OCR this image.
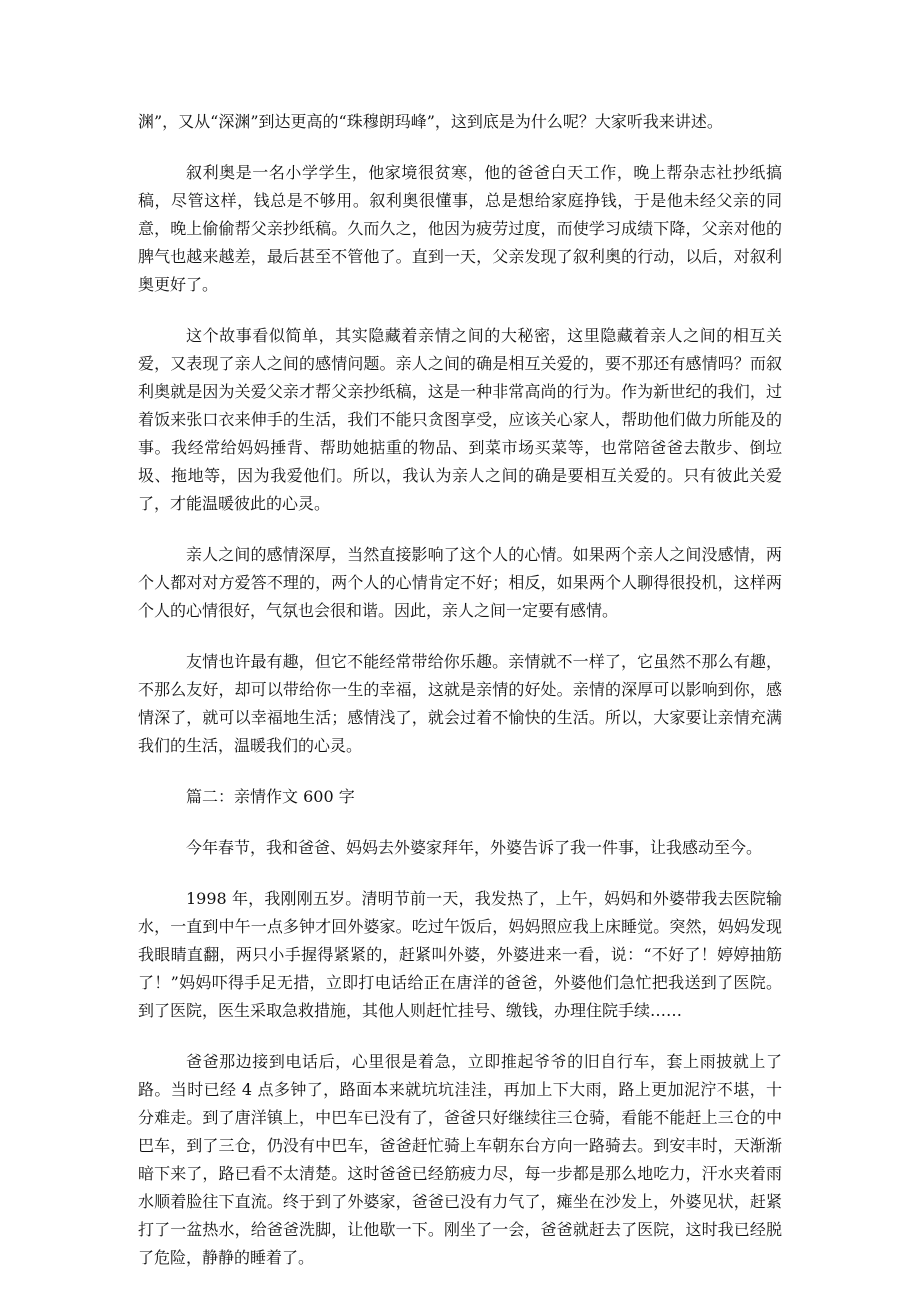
渊”，又从“深渊”到达更高的“珠穆朗玛峰”，这到底是为什么呢？大家听我来讲述。

叙利奥是一名小学学生，他家境很贫寒，他的爸爸白天工作，晚上帮杂志社抄纸搞稿，尽管这样，钱总是不够用。叙利奥很懂事，总是想给家庭挣钱，于是他未经父亲的同意，晚上偷偷帮父亲抄纸稿。久而久之，他因为疲劳过度，而使学习成绩下降，父亲对他的脾气也越来越差，最后甚至不管他了。直到一天，父亲发现了叙利奥的行动，以后，对叙利奥更好了。

这个故事看似简单，其实隐藏着亲情之间的大秘密，这里隐藏着亲人之间的相互关爱，又表现了亲人之间的感情问题。亲人之间的确是相互关爱的，要不那还有感情吗？而叙利奥就是因为关爱父亲才帮父亲抄纸稿，这是一种非常高尚的行为。作为新世纪的我们，过着饭来张口衣来伸手的生活，我们不能只贪图享受，应该关心家人，帮助他们做力所能及的事。我经常给妈妈捶背、帮助她掂重的物品、到菜市场买菜等，也常陪爸爸去散步、倒垃圾、拖地等，因为我爱他们。所以，我认为亲人之间的确是要相互关爱的。只有彼此关爱了，才能温暖彼此的心灵。

亲人之间的感情深厚，当然直接影响了这个人的心情。如果两个亲人之间没感情，两个人都对对方爱答不理的，两个人的心情肯定不好；相反，如果两个人聊得很投机，这样两个人的心情很好，气氛也会很和谐。因此，亲人之间一定要有感情。

友情也许最有趣，但它不能经常带给你乐趣。亲情就不一样了，它虽然不那么有趣，不那么友好，却可以带给你一生的幸福，这就是亲情的好处。亲情的深厚可以影响到你，感情深了，就可以幸福地生活；感情浅了，就会过着不愉快的生活。所以，大家要让亲情充满我们的生活，温暖我们的心灵。

篇二：亲情作文 600 字

今年春节，我和爸爸、妈妈去外婆家拜年，外婆告诉了我一件事，让我感动至今。

1998 年，我刚刚五岁。清明节前一天，我发热了，上午，妈妈和外婆带我去医院输水，一直到中午一点多钟才回外婆家。吃过午饭后，妈妈照应我上床睡觉。突然，妈妈发现我眼睛直翻，两只小手握得紧紧的，赶紧叫外婆，外婆进来一看，说：“不好了！婷婷抽筋了！”妈妈吓得手足无措，立即打电话给正在唐洋的爸爸，外婆他们急忙把我送到了医院。到了医院，医生采取急救措施，其他人则赶忙挂号、缴钱，办理住院手续……

爸爸那边接到电话后，心里很是着急，立即推起爷爷的旧自行车，套上雨披就上了路。当时已经 4 点多钟了，路面本来就坑坑洼洼，再加上下大雨，路上更加泥泞不堪，十分难走。到了唐洋镇上，中巴车已没有了，爸爸只好继续往三仓骑，看能不能赶上三仓的中巴车，到了三仓，仍没有中巴车，爸爸赶忙骑上车朝东台方向一路骑去。到安丰时，天渐渐暗下来了，路已看不太清楚。这时爸爸已经筋疲力尽，每一步都是那么地吃力，汗水夹着雨水顺着脸往下直流。终于到了外婆家，爸爸已没有力气了，瘫坐在沙发上，外婆见状，赶紧打了一盆热水，给爸爸洗脚，让他歇一下。刚坐了一会，爸爸就赶去了医院，这时我已经脱了危险，静静的睡着了。
